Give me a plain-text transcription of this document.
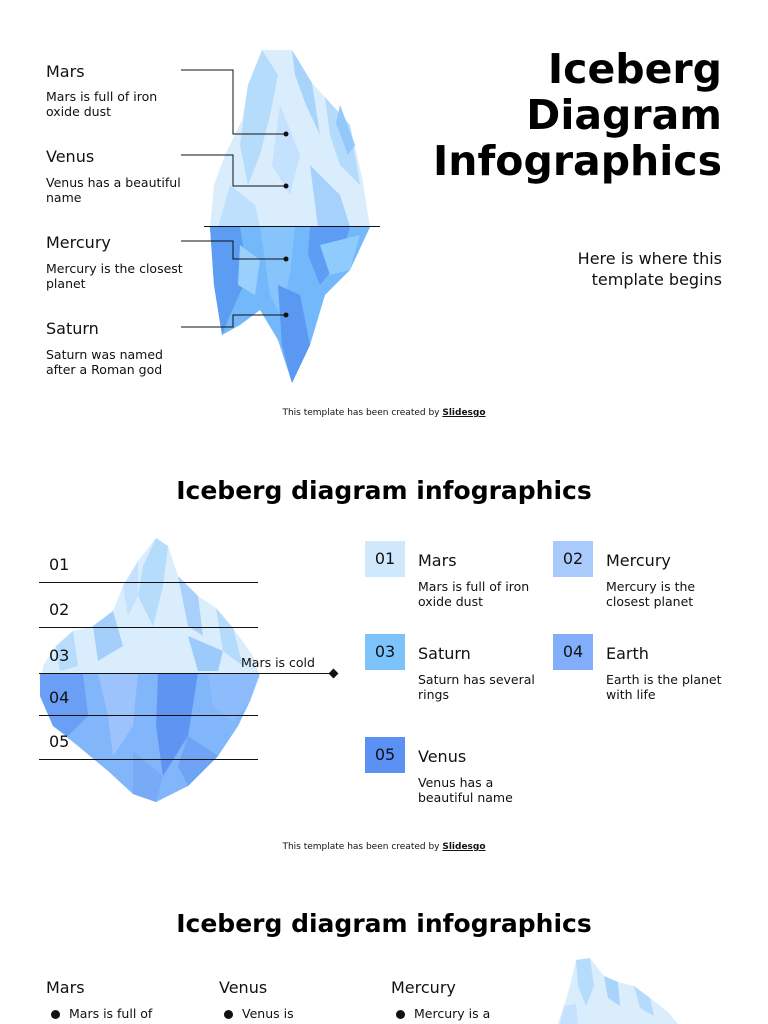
Mars
Mars is full of iron oxide dust
Venus
Venus has a beautiful name
Mercury
Mercury is the closest planet
Saturn
Saturn was named after a Roman god
Iceberg Diagram Infographics
Here is where this template begins
This template has been created by Slidesgo
Iceberg diagram infographics
01
02
03	Mars is cold
04
05
01	Mars
Mars is full of iron oxide dust
02	Mercury
Mercury is the closest planet
03	Saturn
Saturn has several rings
04	Earth
Earth is the planet with life
05	Venus
Venus has a beautiful name
This template has been created by Slidesgo
Iceberg diagram infographics
Mars
Mars is full of
Venus
Venus is
Mercury
Mercury is a
